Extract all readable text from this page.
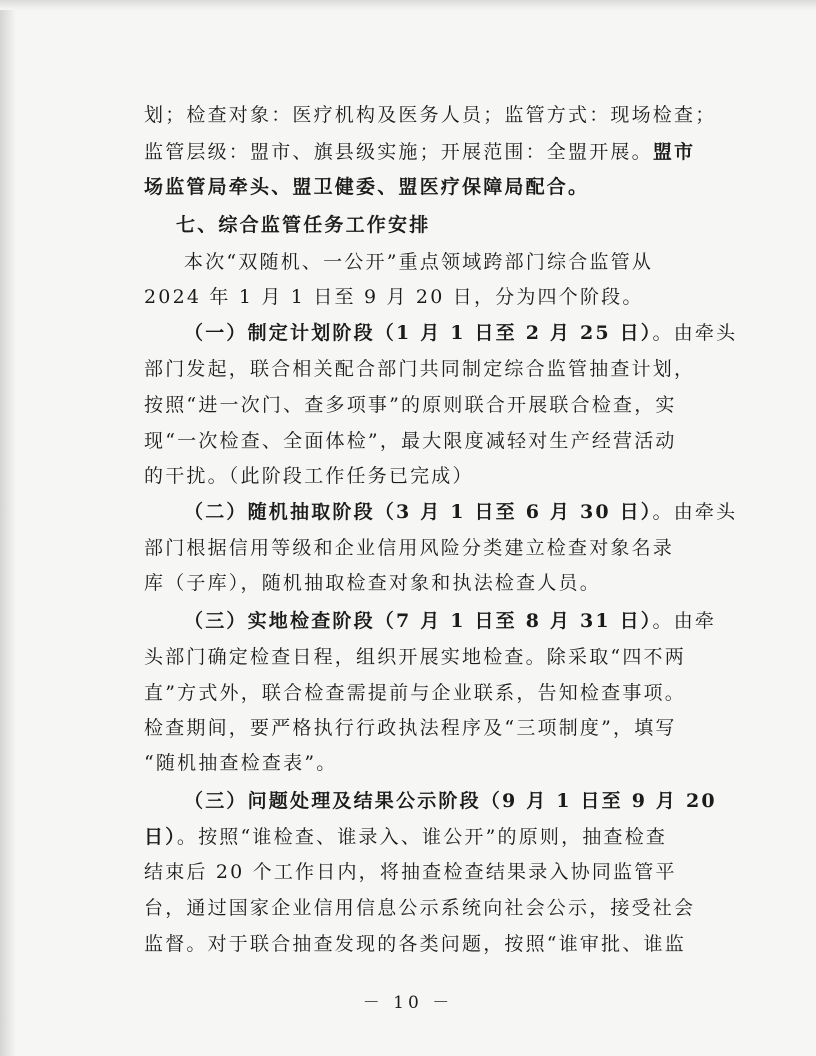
划；检查对象：医疗机构及医务人员；监管方式：现场检查；
监管层级：盟市、旗县级实施；开展范围：全盟开展。盟市
场监管局牵头、盟卫健委、盟医疗保障局配合。
七、综合监管任务工作安排
本次“双随机、一公开”重点领域跨部门综合监管从
2024 年 1 月 1 日至 9 月 20 日，分为四个阶段。
（一）制定计划阶段（1 月 1 日至 2 月 25 日）。由牵头
部门发起，联合相关配合部门共同制定综合监管抽查计划，
按照“进一次门、查多项事”的原则联合开展联合检查，实
现“一次检查、全面体检”，最大限度减轻对生产经营活动
的干扰。（此阶段工作任务已完成）
（二）随机抽取阶段（3 月 1 日至 6 月 30 日）。由牵头
部门根据信用等级和企业信用风险分类建立检查对象名录
库（子库），随机抽取检查对象和执法检查人员。
（三）实地检查阶段（7 月 1 日至 8 月 31 日）。由牵
头部门确定检查日程，组织开展实地检查。除采取“四不两
直”方式外，联合检查需提前与企业联系，告知检查事项。
检查期间，要严格执行行政执法程序及“三项制度”，填写
“随机抽查检查表”。
（三）问题处理及结果公示阶段（9 月 1 日至 9 月 20
日）。按照“谁检查、谁录入、谁公开”的原则，抽查检查
结束后 20 个工作日内，将抽查检查结果录入协同监管平
台，通过国家企业信用信息公示系统向社会公示，接受社会
监督。对于联合抽查发现的各类问题，按照“谁审批、谁监
－ 10 －
